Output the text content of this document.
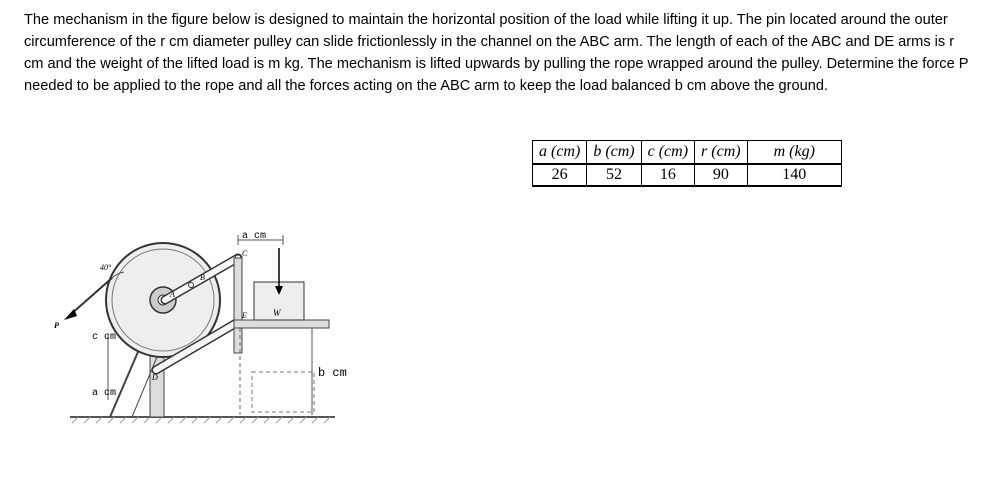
The mechanism in the figure below is designed to maintain the horizontal position of the load while lifting it up. The pin located around the outer circumference of the r cm diameter pulley can slide frictionlessly in the channel on the ABC arm. The length of each of the ABC and DE arms is r cm and the weight of the lifted load is m kg. The mechanism is lifted upwards by pulling the rope wrapped around the pulley. Determine the force P needed to be applied to the rope and all the forces acting on the ABC arm to keep the load balanced b cm above the ground.

a (cm)	b (cm)	c (cm)	r (cm)	m (kg)
26	52	16	90	140
a cm
c cm
a cm
b cm
40°
P
W
A
B
C
D
E
